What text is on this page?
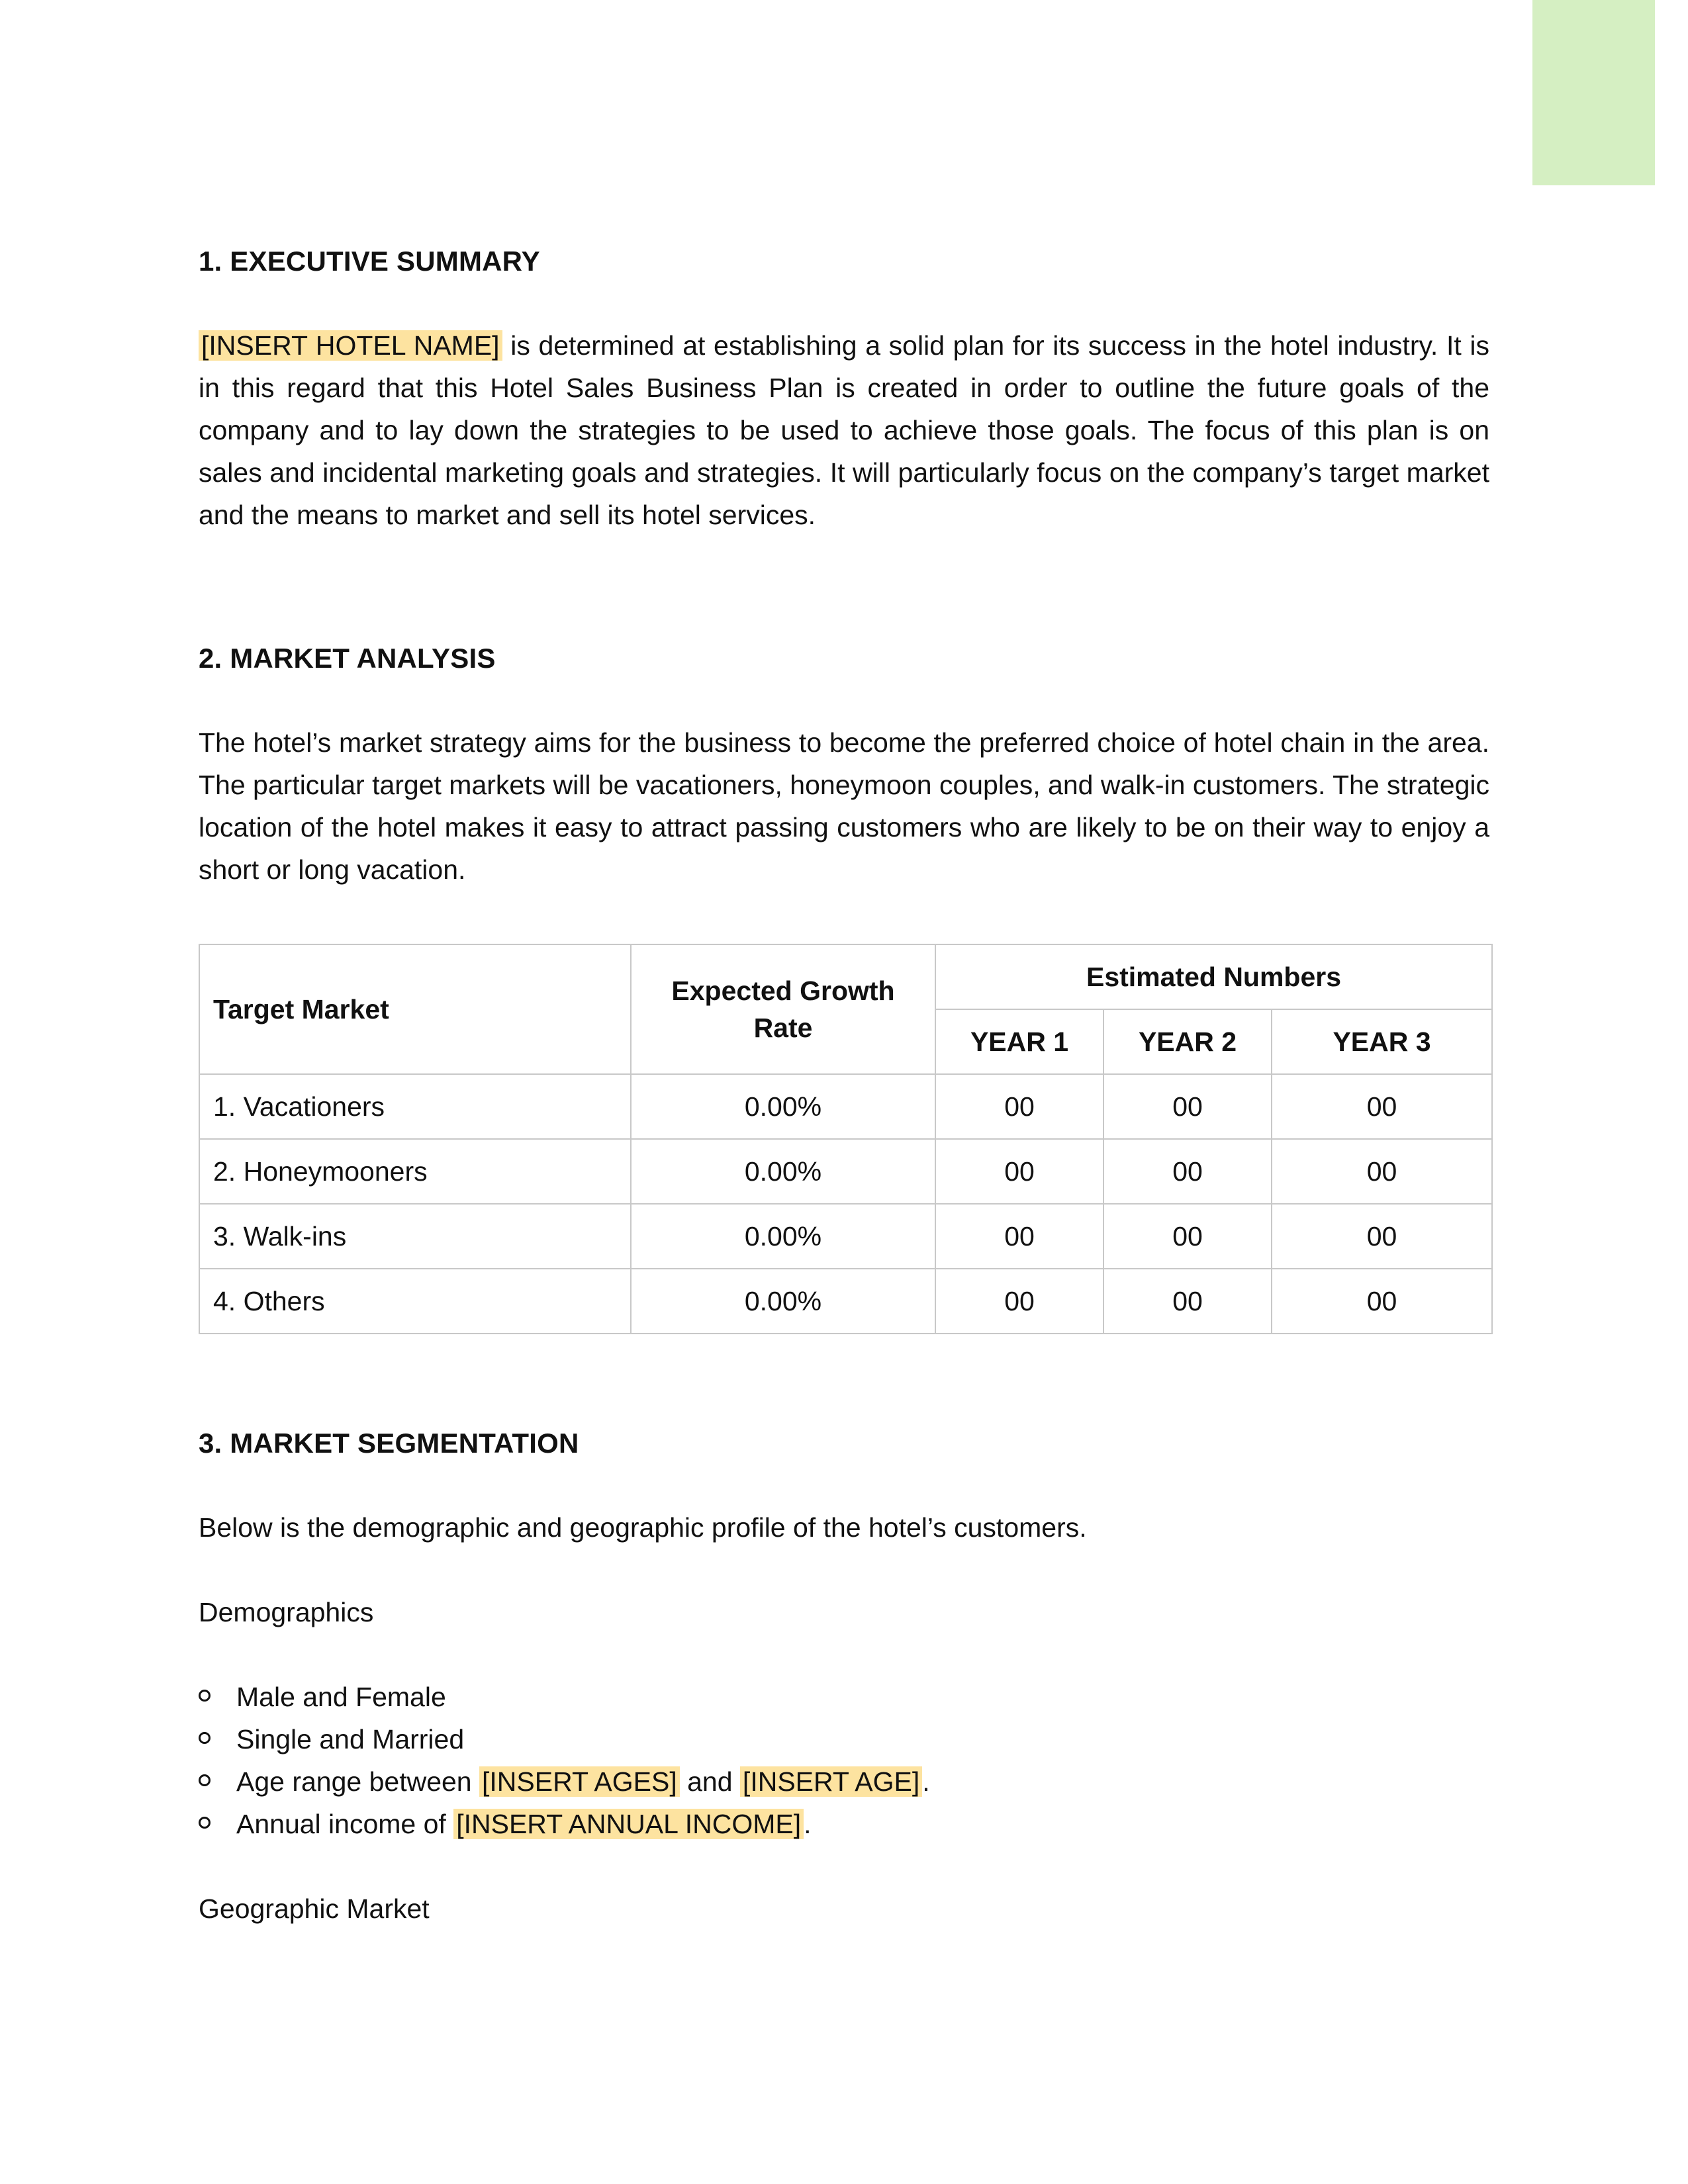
1. EXECUTIVE SUMMARY

[INSERT HOTEL NAME] is determined at establishing a solid plan for its success in the hotel industry. It is in this regard that this Hotel Sales Business Plan is created in order to outline the future goals of the company and to lay down the strategies to be used to achieve those goals. The focus of this plan is on sales and incidental marketing goals and strategies. It will particularly focus on the company’s target market and the means to market and sell its hotel services.

2. MARKET ANALYSIS

The hotel’s market strategy aims for the business to become the preferred choice of hotel chain in the area. The particular target markets will be vacationers, honeymoon couples, and walk-in customers. The strategic location of the hotel makes it easy to attract passing customers who are likely to be on their way to enjoy a short or long vacation.

Target Market	Expected Growth Rate	Estimated Numbers		
		YEAR 1	YEAR 2	YEAR 3
1. Vacationers	0.00%	00	00	00
2. Honeymooners	0.00%	00	00	00
3. Walk-ins	0.00%	00	00	00
4. Others	0.00%	00	00	00
3. MARKET SEGMENTATION

Below is the demographic and geographic profile of the hotel’s customers.

Demographics

Male and Female
Single and Married
Age range between [INSERT AGES] and [INSERT AGE].
Annual income of [INSERT ANNUAL INCOME].

Geographic Market
